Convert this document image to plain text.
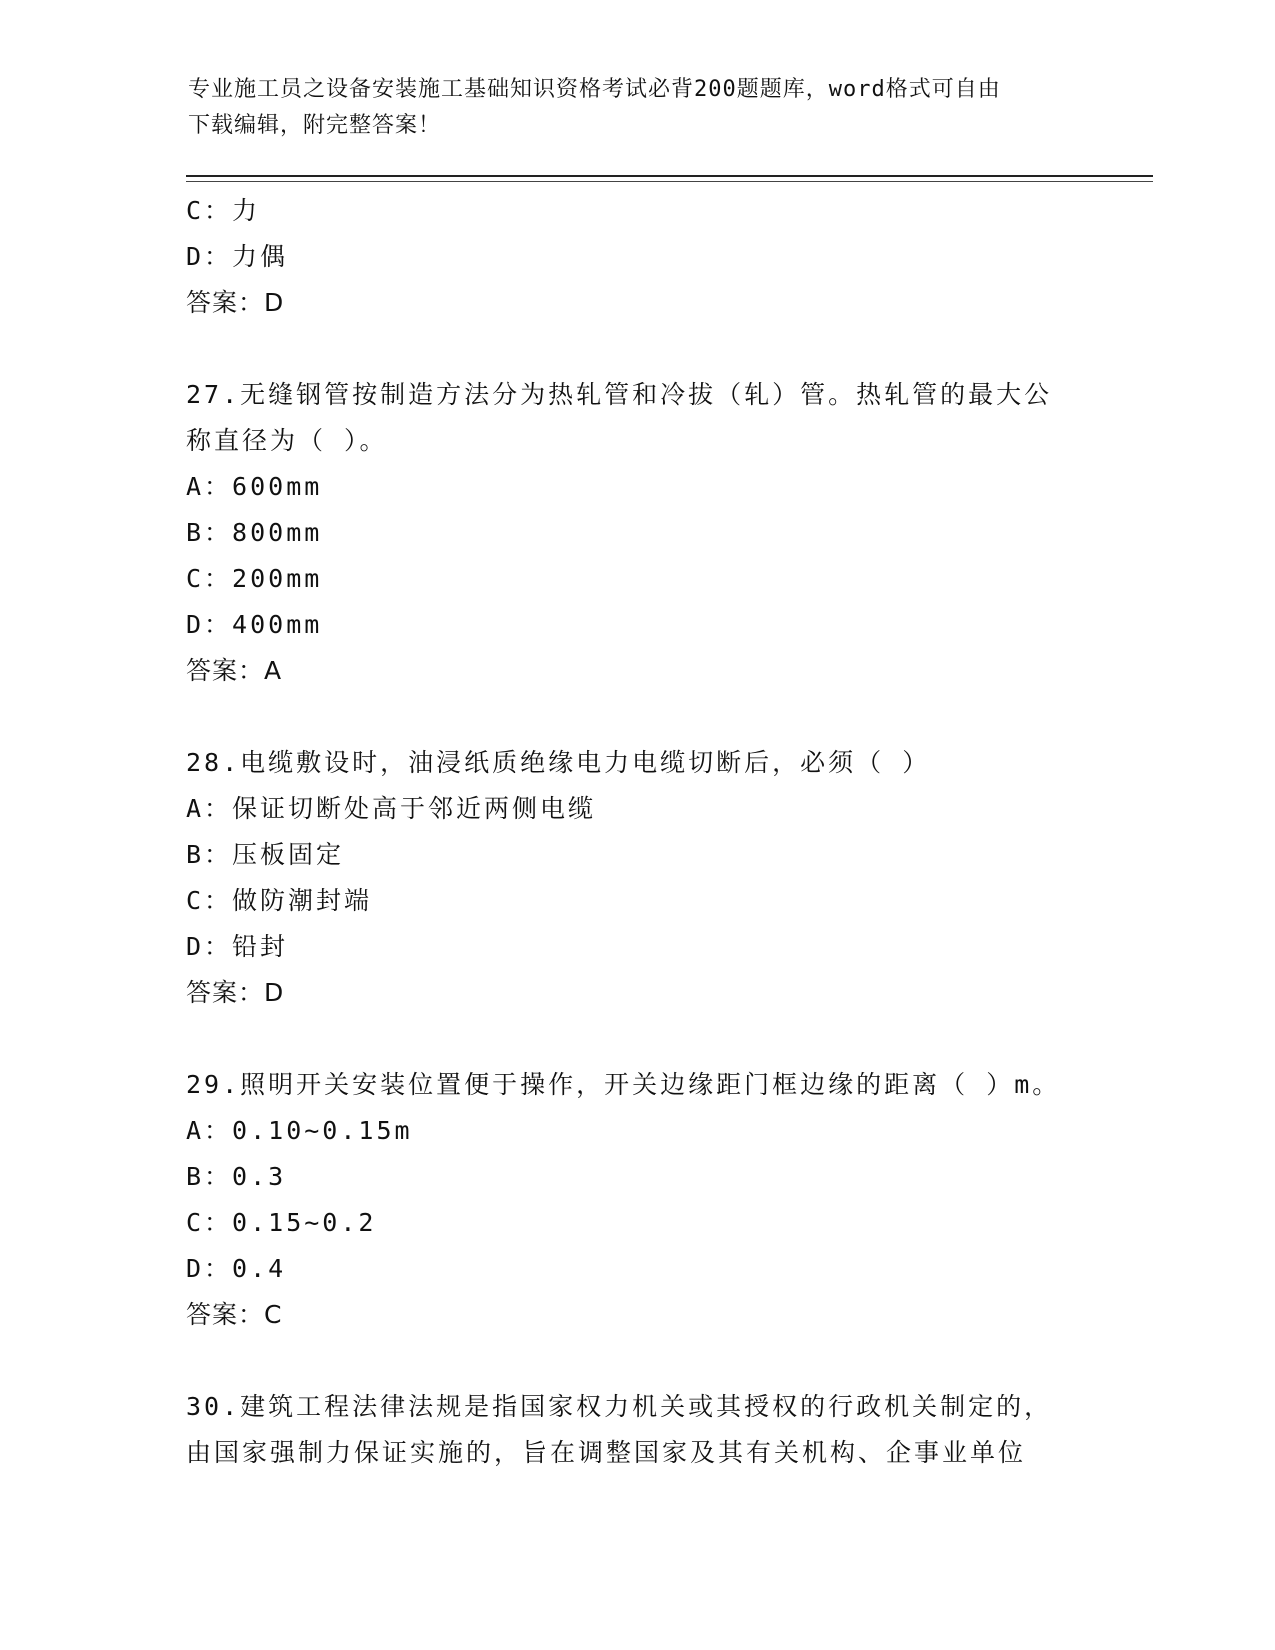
专业施工员之设备安装施工基础知识资格考试必背200题题库，word格式可自由
下载编辑，附完整答案！
C：力
D：力偶
答案：D
27.无缝钢管按制造方法分为热轧管和冷拔（轧）管。热轧管的最大公
称直径为（ ）。
A：600mm
B：800mm
C：200mm
D：400mm
答案：A
28.电缆敷设时，油浸纸质绝缘电力电缆切断后，必须（ ）
A：保证切断处高于邻近两侧电缆
B：压板固定
C：做防潮封端
D：铅封
答案：D
29.照明开关安装位置便于操作，开关边缘距门框边缘的距离（ ）m。
A：0.10~0.15m
B：0.3
C：0.15~0.2
D：0.4
答案：C
30.建筑工程法律法规是指国家权力机关或其授权的行政机关制定的，
由国家强制力保证实施的，旨在调整国家及其有关机构、企事业单位
